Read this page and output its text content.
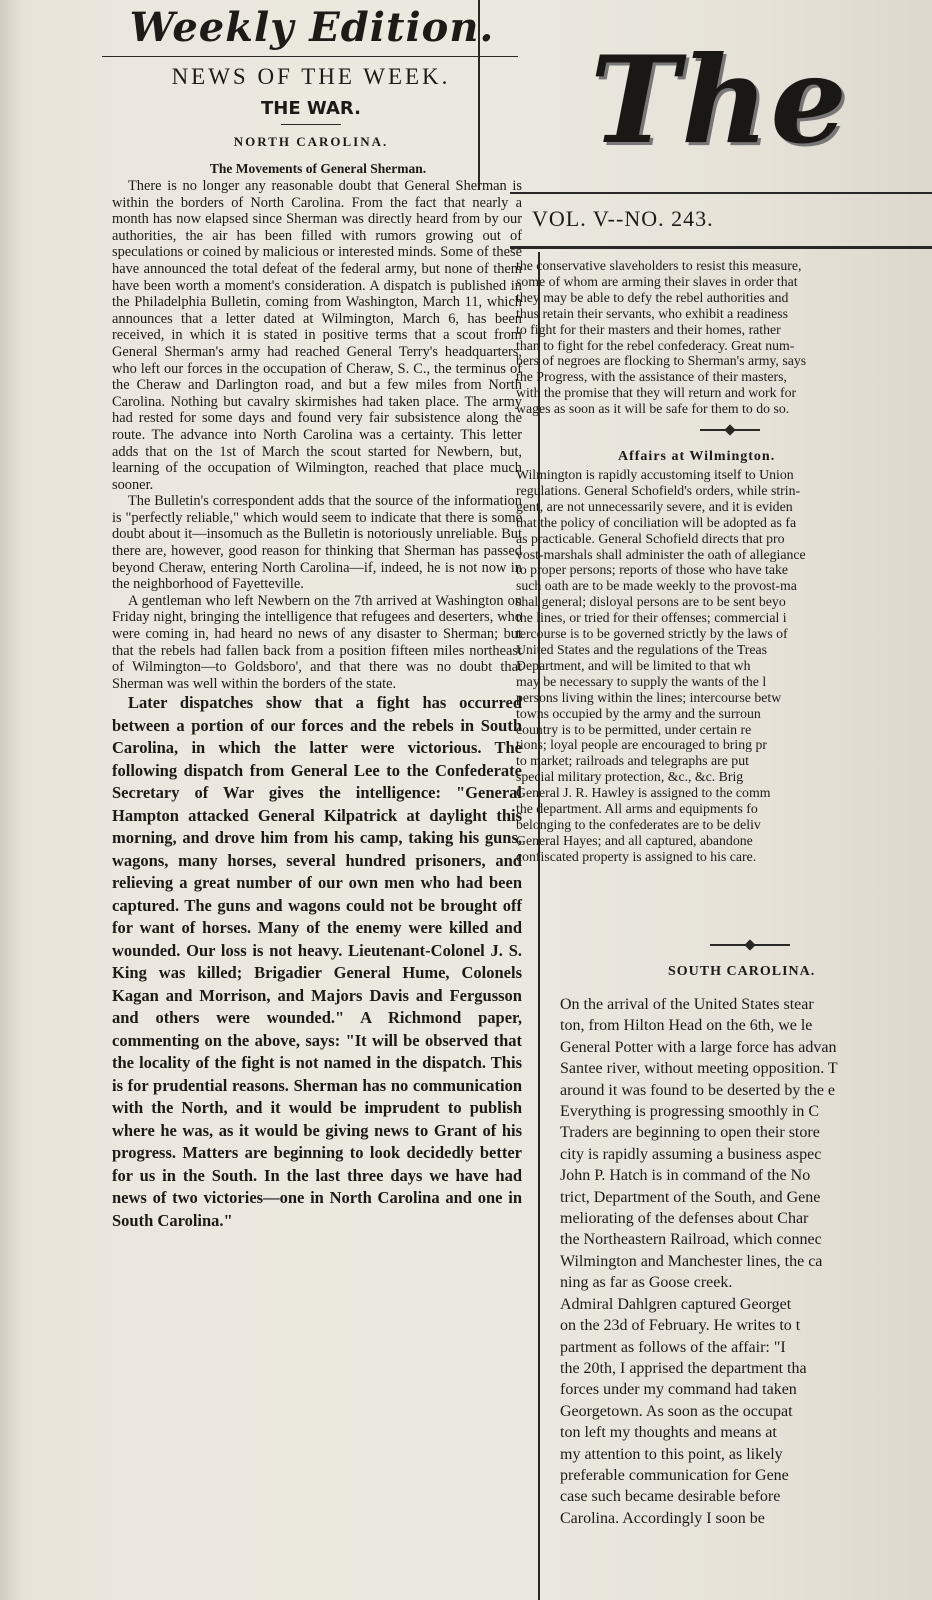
Weekly Edition.
NEWS OF THE WEEK.
THE WAR.
NORTH CAROLINA.
The Movements of General Sherman.

There is no longer any reasonable doubt that General Sherman is within the borders of North Carolina. From the fact that nearly a month has now elapsed since Sherman was directly heard from by our authorities, the air has been filled with rumors growing out of speculations or coined by malicious or interested minds. Some of these have announced the total defeat of the federal army, but none of them have been worth a moment's consideration. A dispatch is published in the Philadelphia Bulletin, coming from Washington, March 11, which announces that a letter dated at Wilmington, March 6, has been received, in which it is stated in positive terms that a scout from General Sherman's army had reached General Terry's headquarters, who left our forces in the occupation of Cheraw, S. C., the terminus of the Cheraw and Darlington road, and but a few miles from North Carolina. Nothing but cavalry skirmishes had taken place. The army had rested for some days and found very fair subsistence along the route. The advance into North Carolina was a certainty. This letter adds that on the 1st of March the scout started for Newbern, but, learning of the occupation of Wilmington, reached that place much sooner.

The Bulletin's correspondent adds that the source of the information is "perfectly reliable," which would seem to indicate that there is some doubt about it—insomuch as the Bulletin is notoriously unreliable. But there are, however, good reason for thinking that Sherman has passed beyond Cheraw, entering North Carolina—if, indeed, he is not now in the neighborhood of Fayetteville.

A gentleman who left Newbern on the 7th arrived at Washington on Friday night, bringing the intelligence that refugees and deserters, who were coming in, had heard no news of any disaster to Sherman; but that the rebels had fallen back from a position fifteen miles northeast of Wilmington—to Goldsboro', and that there was no doubt that Sherman was well within the borders of the state.

Later dispatches show that a fight has occurred between a portion of our forces and the rebels in South Carolina, in which the latter were victorious. The following dispatch from General Lee to the Confederate Secretary of War gives the intelligence: "General Hampton attacked General Kilpatrick at daylight this morning, and drove him from his camp, taking his guns, wagons, many horses, several hundred prisoners, and relieving a great number of our own men who had been captured. The guns and wagons could not be brought off for want of horses. Many of the enemy were killed and wounded. Our loss is not heavy. Lieutenant-Colonel J. S. King was killed; Brigadier General Hume, Colonels Kagan and Morrison, and Majors Davis and Fergusson and others were wounded." A Richmond paper, commenting on the above, says: "It will be observed that the locality of the fight is not named in the dispatch. This is for prudential reasons. Sherman has no communication with the North, and it would be imprudent to publish where he was, as it would be giving news to Grant of his progress. Matters are beginning to look decidedly better for us in the South. In the last three days we have had news of two victories—one in North Carolina and one in South Carolina."

The
VOL. V--NO. 243.

the conservative slaveholders to resist this measure,

some of whom are arming their slaves in order that

they may be able to defy the rebel authorities and

thus retain their servants, who exhibit a readiness

to fight for their masters and their homes, rather

than to fight for the rebel confederacy. Great num-

bers of negroes are flocking to Sherman's army, says

the Progress, with the assistance of their masters,

with the promise that they will return and work for

wages as soon as it will be safe for them to do so.

Affairs at Wilmington.

Wilmington is rapidly accustoming itself to Union

regulations. General Schofield's orders, while strin-

gent, are not unnecessarily severe, and it is eviden

that the policy of conciliation will be adopted as fa

as practicable. General Schofield directs that pro

vost-marshals shall administer the oath of allegiance

to proper persons; reports of those who have take

such oath are to be made weekly to the provost-ma

shal general; disloyal persons are to be sent beyo

the lines, or tried for their offenses; commercial i

tercourse is to be governed strictly by the laws of

United States and the regulations of the Treas

Department, and will be limited to that wh

may be necessary to supply the wants of the l

persons living within the lines; intercourse betw

towns occupied by the army and the surroun

country is to be permitted, under certain re

tions; loyal people are encouraged to bring pr

to market; railroads and telegraphs are put

special military protection, &c., &c. Brig

General J. R. Hawley is assigned to the comm

the department. All arms and equipments fo

belonging to the confederates are to be deliv

General Hayes; and all captured, abandone

confiscated property is assigned to his care.

SOUTH CAROLINA.

On the arrival of the United States stear

ton, from Hilton Head on the 6th, we le

General Potter with a large force has advan

Santee river, without meeting opposition. T

around it was found to be deserted by the e

Everything is progressing smoothly in C

Traders are beginning to open their store

city is rapidly assuming a business aspec

John P. Hatch is in command of the No

trict, Department of the South, and Gene

meliorating of the defenses about Char

the Northeastern Railroad, which connec

Wilmington and Manchester lines, the ca

ning as far as Goose creek.

Admiral Dahlgren captured Georget

on the 23d of February. He writes to t

partment as follows of the affair: "I

the 20th, I apprised the department tha

forces under my command had taken

Georgetown. As soon as the occupat

ton left my thoughts and means at

my attention to this point, as likely

preferable communication for Gene

case such became desirable before

Carolina. Accordingly I soon be
